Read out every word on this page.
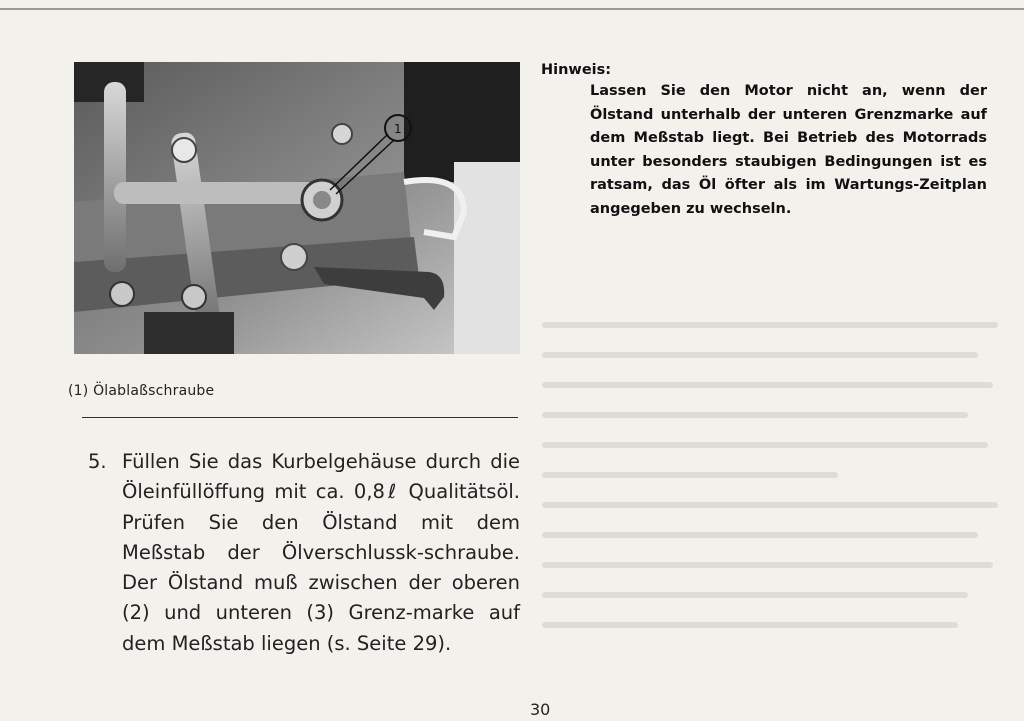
1
(1) Ölablaßschraube
5. Füllen Sie das Kurbelgehäuse durch die Öleinfüllöffung mit ca. 0,8ℓ Qualitätsöl. Prüfen Sie den Ölstand mit dem Meßstab der Ölverschlussk-schraube. Der Ölstand muß zwischen der oberen (2) und unteren (3) Grenz-marke auf dem Meßstab liegen (s. Seite 29).
Hinweis:
Lassen Sie den Motor nicht an, wenn der Ölstand unterhalb der unteren Grenzmarke auf dem Meßstab liegt. Bei Betrieb des Motorrads unter besonders staubigen Bedingungen ist es ratsam, das Öl öfter als im Wartungs-Zeitplan angegeben zu wechseln.
30
